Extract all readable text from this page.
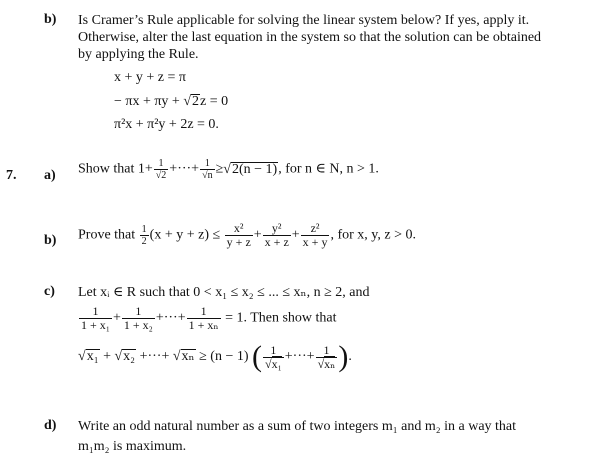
b) Is Cramer’s Rule applicable for solving the linear system below? If yes, apply it.
Otherwise, alter the last equation in the system so that the solution can be obtained
by applying the Rule.
x + y + z = π
− πx + πy + √2z = 0
π²x + π²y + 2z = 0.
7. a) Show that $1+ \frac{1}{√2}$ +···+ $\frac{1}{√n} \ge√2(n - 1)$, for n ∈ N, n > 1.
b) Prove that $\frac{1}{2} (x + y + z) \le \frac{\text{x²}}{y + z} + \frac{\text{y²}}{x + z} + \frac{\text{z²}}{x + y}$ , for x, y, z > 0.
c) Let xᵢ ∈ R such that 0 < x₁ ≤ x₂ ≤ ... ≤ xₙ, n ≥ 2, and
$\frac{1}{\text{1 + x₁}} + \frac{1}{\text{1 + x₂}}$ +···+ $\frac{1}{\text{1 + xₙ}} = 1$. Then show that
√x₁ + √x₂ +···+ √xₙ ≥ (n − 1) ( $\frac{1}{\text{√x₁}}$ +···+ $\frac{1}{\text{√xₙ}}$ ).
d) Write an odd natural number as a sum of two integers m₁ and m₂ in a way that
m₁m₂ is maximum.
